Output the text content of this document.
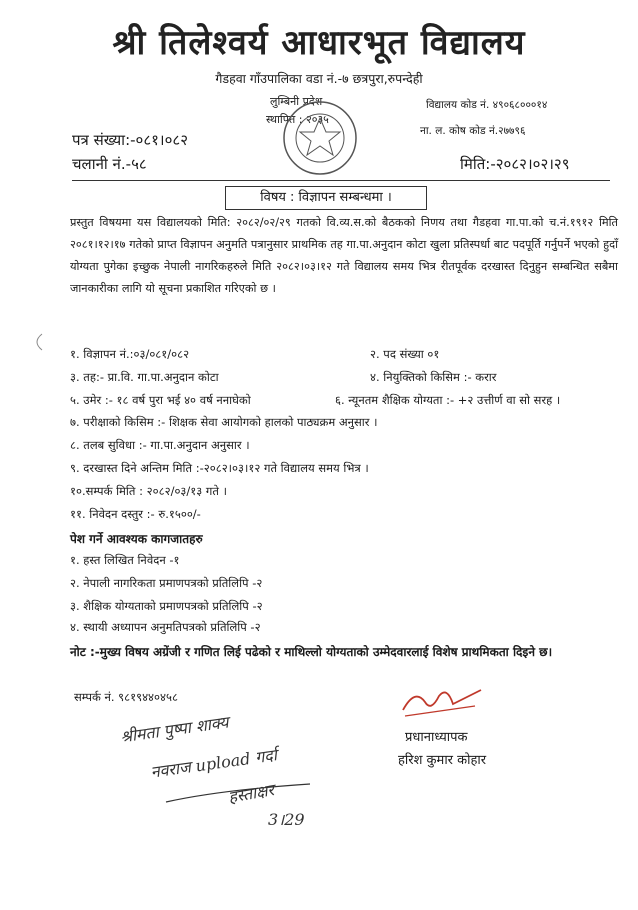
श्री तिलेश्वर्य आधारभूत विद्यालय
गैडहवा गाँउपालिका वडा नं.-७ छत्रपुरा,रुपन्देही
लुम्बिनी प्रदेश
स्थापित : २०३५
विद्यालय कोड नं. ४९०६८०००१४
ना. ल. कोष कोड नं.२७७९६
पत्र संख्या:-०८१।०८२
चलानी नं.-५८	मिति:-२०८२।०२।२९
विषय : विज्ञापन सम्बन्धमा ।
प्रस्तुत विषयमा यस विद्यालयको मिति: २०८२/०२/२९ गतको वि.व्य.स.को बैठकको निणय तथा गैडहवा गा.पा.को च.नं.१९१२ मिति २०८१।१२।१७ गतेको प्राप्त विज्ञापन अनुमति पत्रानुसार प्राथमिक तह गा.पा.अनुदान कोटा खुला प्रतिस्पर्धा बाट पदपूर्ति गर्नुपर्ने भएको हुदाँ योग्यता पुगेका इच्छुक नेपाली नागरिकहरुले मिति २०८२।०३।१२ गते विद्यालय समय भित्र रीतपूर्वक दरखास्त दिनुहुन सम्बन्धित सबैमा जानकारीका लागि यो सूचना प्रकाशित गरिएको छ ।
१. विज्ञापन नं.:०३/०८१/०८२	२. पद संख्या ०१
३. तह:- प्रा.वि. गा.पा.अनुदान कोटा	४. नियुक्तिको किसिम :- करार
५. उमेर :- १८ वर्ष पुरा भई ४० वर्ष ननाघेको	६. न्यूनतम शैक्षिक योग्यता :- +२ उत्तीर्ण वा सो सरह ।
७. परीक्षाको किसिम :- शिक्षक सेवा आयोगको हालको पाठ्यक्रम अनुसार ।
८. तलब सुविधा :- गा.पा.अनुदान अनुसार ।
९. दरखास्त दिने अन्तिम मिति :-२०८२।०३।१२ गते विद्यालय समय भित्र ।
१०.सम्पर्क मिति : २०८२/०३/१३ गते ।
११. निवेदन दस्तुर :- रु.१५००/-
पेश गर्ने आवश्यक कागजातहरु
१. हस्त लिखित निवेदन -१
२. नेपाली नागरिकता प्रमाणपत्रको प्रतिलिपि -२
३. शैक्षिक योग्यताको प्रमाणपत्रको प्रतिलिपि -२
४. स्थायी अध्यापन अनुमतिपत्रको प्रतिलिपि -२
नोट :-मुख्य विषय अग्रेंजी र गणित लिई पढेको र माथिल्लो योग्यताको उम्मेदवारलाई विशेष प्राथमिकता दिइने छ।
सम्पर्क नं. ९८१९४४०४५८
प्रधानाध्यापक
हरिश कुमार कोहार
श्रीमता पुष्पा शाक्य
नवराज upload गर्दा
हस्ताक्षर
3।29
